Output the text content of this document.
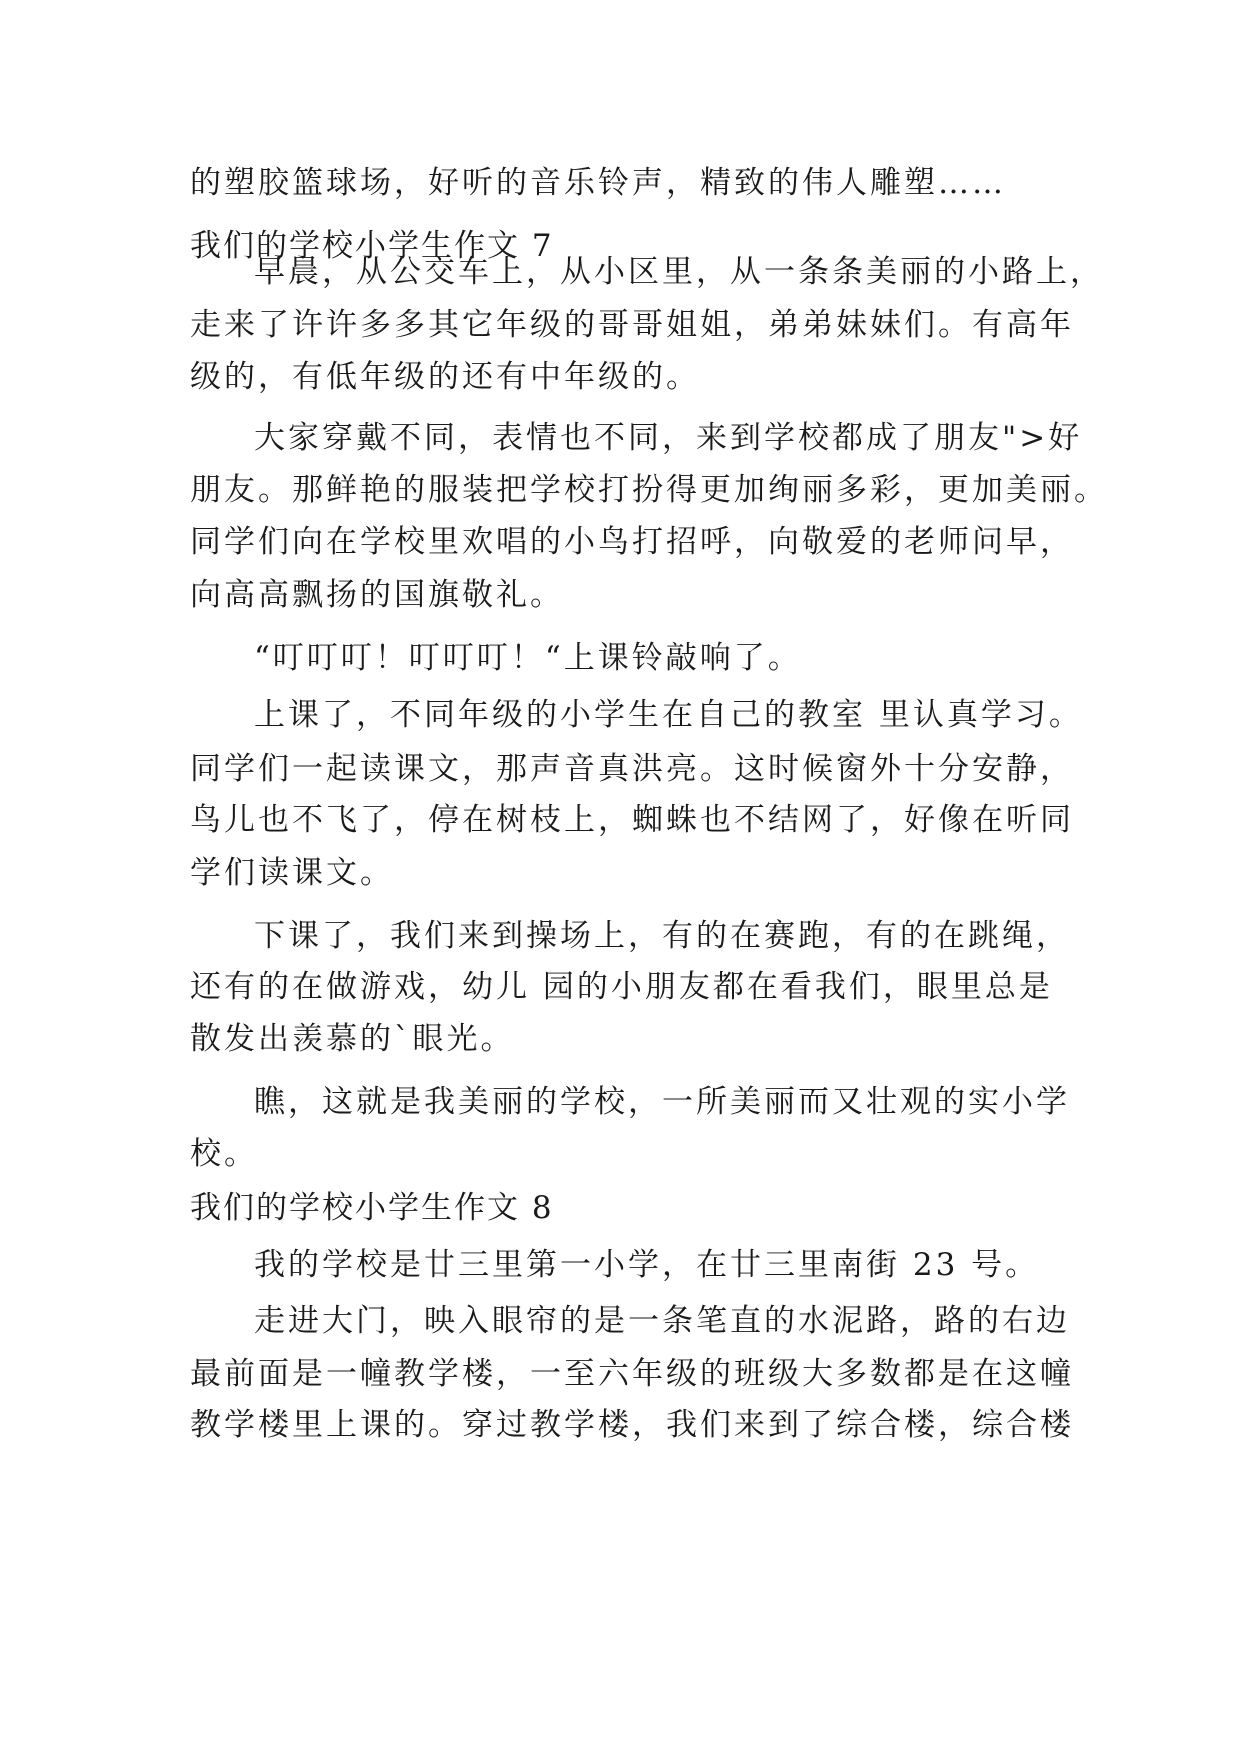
的塑胶篮球场，好听的音乐铃声，精致的伟人雕塑……

我们的学校小学生作文 7

早晨，从公交车上，从小区里，从一条条美丽的小路上，

走来了许许多多其它年级的哥哥姐姐，弟弟妹妹们。有高年

级的，有低年级的还有中年级的。

大家穿戴不同，表情也不同，来到学校都成了朋友">好

朋友。那鲜艳的服装把学校打扮得更加绚丽多彩，更加美丽。

同学们向在学校里欢唱的小鸟打招呼，向敬爱的老师问早，

向高高飘扬的国旗敬礼。

“叮叮叮！叮叮叮！“上课铃敲响了。

上课了，不同年级的小学生在自己的教室 里认真学习。

同学们一起读课文，那声音真洪亮。这时候窗外十分安静，

鸟儿也不飞了，停在树枝上，蜘蛛也不结网了，好像在听同

学们读课文。

下课了，我们来到操场上，有的在赛跑，有的在跳绳，

还有的在做游戏，幼儿 园的小朋友都在看我们，眼里总是

散发出羡慕的`眼光。

瞧，这就是我美丽的学校，一所美丽而又壮观的实小学

校。

我们的学校小学生作文 8

我的学校是廿三里第一小学，在廿三里南街 23 号。

走进大门，映入眼帘的是一条笔直的水泥路，路的右边

最前面是一幢教学楼，一至六年级的班级大多数都是在这幢

教学楼里上课的。穿过教学楼，我们来到了综合楼，综合楼
